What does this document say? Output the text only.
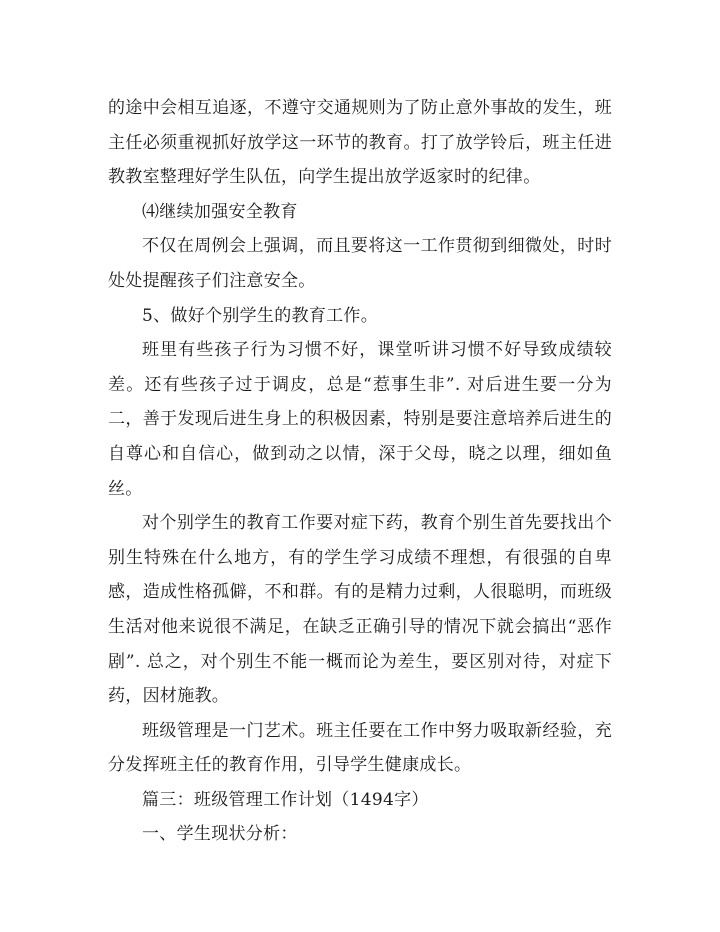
的途中会相互追逐，不遵守交通规则为了防止意外事故的发生，班主任必须重视抓好放学这一环节的教育。打了放学铃后，班主任进教教室整理好学生队伍，向学生提出放学返家时的纪律。

⑷继续加强安全教育

不仅在周例会上强调，而且要将这一工作贯彻到细微处，时时处处提醒孩子们注意安全。

5、做好个别学生的教育工作。

班里有些孩子行为习惯不好，课堂听讲习惯不好导致成绩较差。还有些孩子过于调皮，总是“惹事生非”. 对后进生要一分为二，善于发现后进生身上的积极因素，特别是要注意培养后进生的自尊心和自信心，做到动之以情，深于父母，晓之以理，细如鱼丝。

对个别学生的教育工作要对症下药，教育个别生首先要找出个别生特殊在什么地方，有的学生学习成绩不理想，有很强的自卑感，造成性格孤僻，不和群。有的是精力过剩，人很聪明，而班级生活对他来说很不满足，在缺乏正确引导的情况下就会搞出“恶作剧”. 总之，对个别生不能一概而论为差生，要区别对待，对症下药，因材施教。

班级管理是一门艺术。班主任要在工作中努力吸取新经验，充分发挥班主任的教育作用，引导学生健康成长。

篇三：班级管理工作计划（1494字）

一、学生现状分析：
